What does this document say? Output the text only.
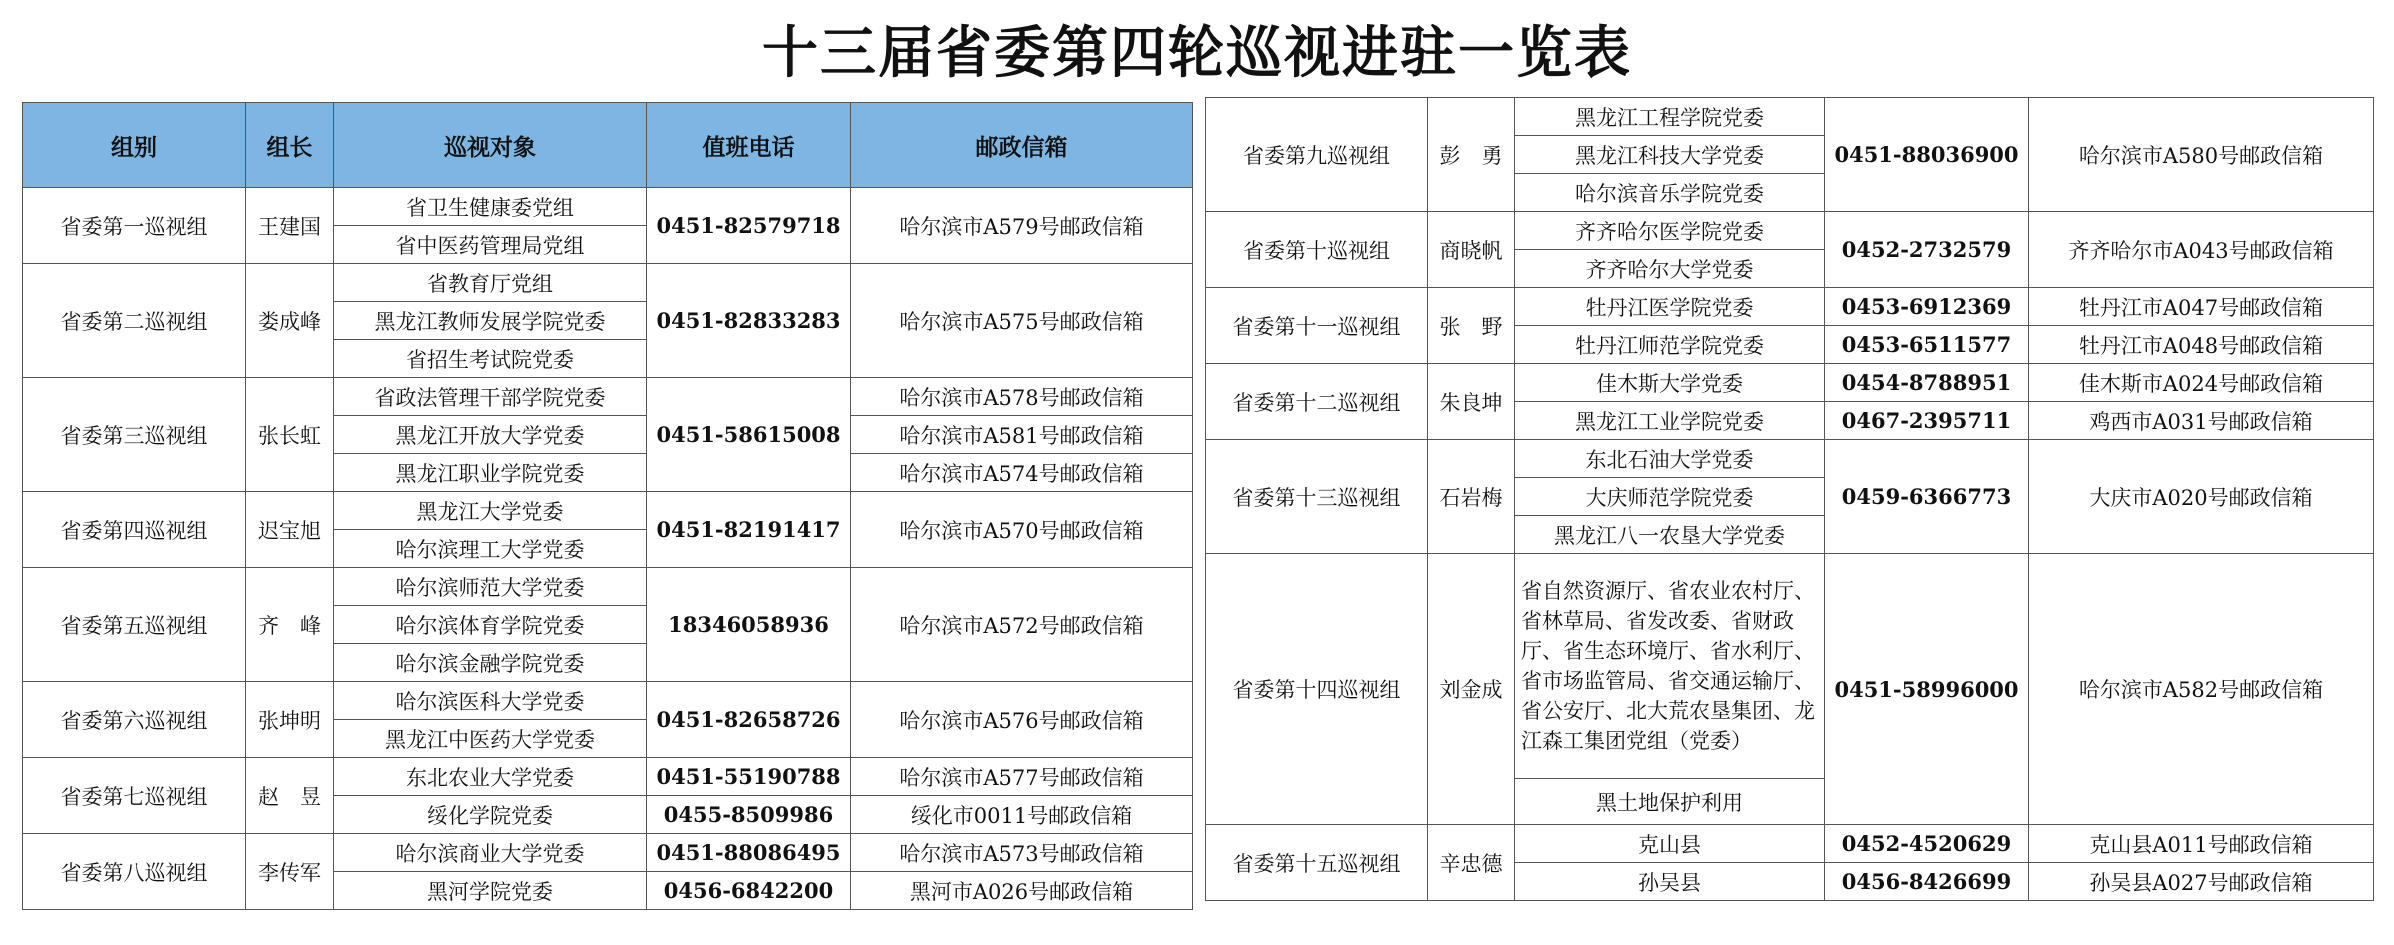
十三届省委第四轮巡视进驻一览表
组别	组长	巡视对象	值班电话	邮政信箱
省委第一巡视组	王建国	省卫生健康委党组	0451-82579718	哈尔滨市A579号邮政信箱
		省中医药管理局党组		
省委第二巡视组	娄成峰	省教育厅党组	0451-82833283	哈尔滨市A575号邮政信箱
		黑龙江教师发展学院党委		
		省招生考试院党委		
省委第三巡视组	张长虹	省政法管理干部学院党委	0451-58615008	哈尔滨市A578号邮政信箱
		黑龙江开放大学党委		哈尔滨市A581号邮政信箱
		黑龙江职业学院党委		哈尔滨市A574号邮政信箱
省委第四巡视组	迟宝旭	黑龙江大学党委	0451-82191417	哈尔滨市A570号邮政信箱
		哈尔滨理工大学党委		
省委第五巡视组	齐　峰	哈尔滨师范大学党委	18346058936	哈尔滨市A572号邮政信箱
		哈尔滨体育学院党委		
		哈尔滨金融学院党委		
省委第六巡视组	张坤明	哈尔滨医科大学党委	0451-82658726	哈尔滨市A576号邮政信箱
		黑龙江中医药大学党委		
省委第七巡视组	赵　昱	东北农业大学党委	0451-55190788	哈尔滨市A577号邮政信箱
		绥化学院党委	0455-8509986	绥化市0011号邮政信箱
省委第八巡视组	李传军	哈尔滨商业大学党委	0451-88086495	哈尔滨市A573号邮政信箱
		黑河学院党委	0456-6842200	黑河市A026号邮政信箱
省委第九巡视组	彭　勇	黑龙江工程学院党委	0451-88036900	哈尔滨市A580号邮政信箱
		黑龙江科技大学党委		
		哈尔滨音乐学院党委		
省委第十巡视组	商晓帆	齐齐哈尔医学院党委	0452-2732579	齐齐哈尔市A043号邮政信箱
		齐齐哈尔大学党委		
省委第十一巡视组	张　野	牡丹江医学院党委	0453-6912369	牡丹江市A047号邮政信箱
		牡丹江师范学院党委	0453-6511577	牡丹江市A048号邮政信箱
省委第十二巡视组	朱良坤	佳木斯大学党委	0454-8788951	佳木斯市A024号邮政信箱
		黑龙江工业学院党委	0467-2395711	鸡西市A031号邮政信箱
省委第十三巡视组	石岩梅	东北石油大学党委	0459-6366773	大庆市A020号邮政信箱
		大庆师范学院党委		
		黑龙江八一农垦大学党委		
省委第十四巡视组	刘金成	省自然资源厅、省农业农村厅、省林草局、省发改委、省财政厅、省生态环境厅、省水利厅、省市场监管局、省交通运输厅、省公安厅、北大荒农垦集团、龙江森工集团党组（党委）	0451-58996000	哈尔滨市A582号邮政信箱
		黑土地保护利用		
省委第十五巡视组	辛忠德	克山县	0452-4520629	克山县A011号邮政信箱
		孙吴县	0456-8426699	孙吴县A027号邮政信箱
